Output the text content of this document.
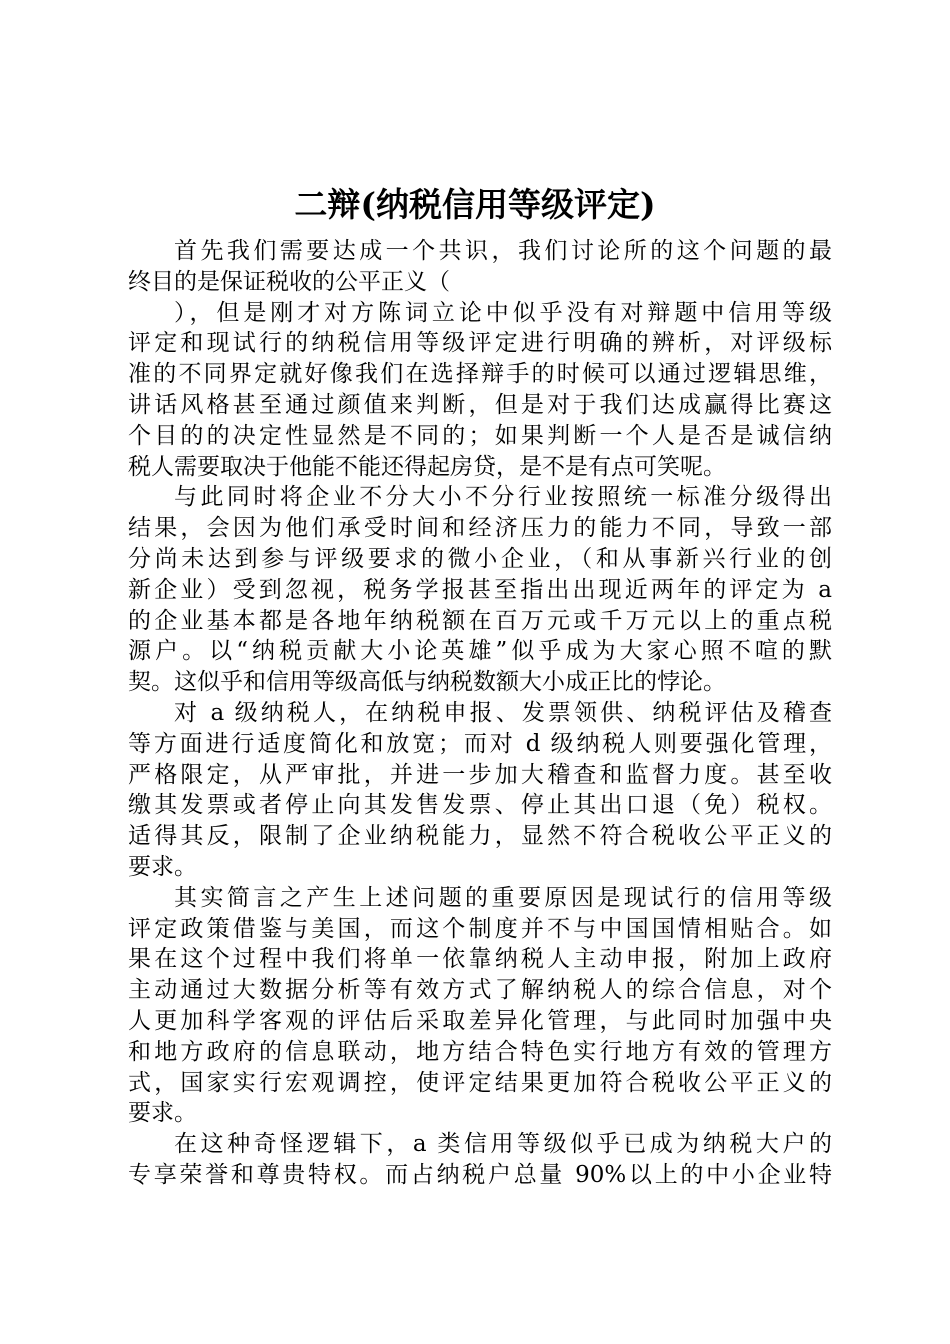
二辩(纳税信用等级评定)
首先我们需要达成一个共识，我们讨论所的这个问题的最
终目的是保证税收的公平正义（
），但是刚才对方陈词立论中似乎没有对辩题中信用等级
评定和现试行的纳税信用等级评定进行明确的辨析，对评级标
准的不同界定就好像我们在选择辩手的时候可以通过逻辑思维，
讲话风格甚至通过颜值来判断，但是对于我们达成赢得比赛这
个目的的决定性显然是不同的；如果判断一个人是否是诚信纳
税人需要取决于他能不能还得起房贷，是不是有点可笑呢。
与此同时将企业不分大小不分行业按照统一标准分级得出
结果，会因为他们承受时间和经济压力的能力不同，导致一部
分尚未达到参与评级要求的微小企业，（和从事新兴行业的创
新企业）受到忽视，税务学报甚至指出出现近两年的评定为 a
的企业基本都是各地年纳税额在百万元或千万元以上的重点税
源户。以“纳税贡献大小论英雄”似乎成为大家心照不喧的默
契。这似乎和信用等级高低与纳税数额大小成正比的悖论。
对 a 级纳税人，在纳税申报、发票领供、纳税评估及稽查
等方面进行适度简化和放宽；而对 d 级纳税人则要强化管理，
严格限定，从严审批，并进一步加大稽查和监督力度。甚至收
缴其发票或者停止向其发售发票、停止其出口退（免）税权。
适得其反，限制了企业纳税能力，显然不符合税收公平正义的
要求。
其实简言之产生上述问题的重要原因是现试行的信用等级
评定政策借鉴与美国，而这个制度并不与中国国情相贴合。如
果在这个过程中我们将单一依靠纳税人主动申报，附加上政府
主动通过大数据分析等有效方式了解纳税人的综合信息，对个
人更加科学客观的评估后采取差异化管理，与此同时加强中央
和地方政府的信息联动，地方结合特色实行地方有效的管理方
式，国家实行宏观调控，使评定结果更加符合税收公平正义的
要求。
在这种奇怪逻辑下，a 类信用等级似乎已成为纳税大户的
专享荣誉和尊贵特权。而占纳税户总量 90%以上的中小企业特
